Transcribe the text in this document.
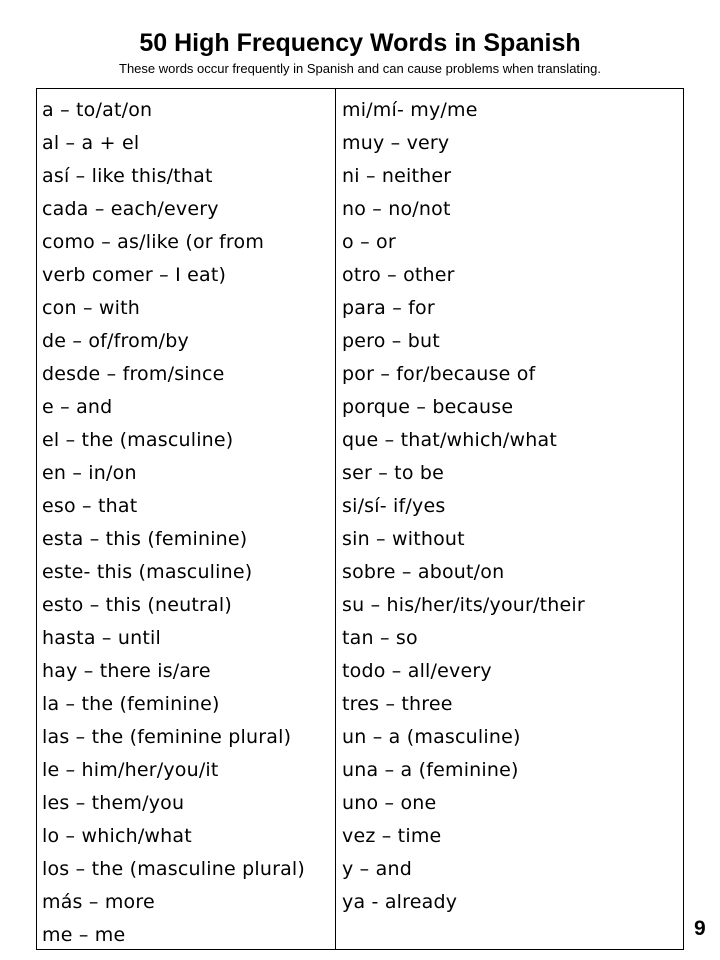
50 High Frequency Words in Spanish
These words occur frequently in Spanish and can cause problems when translating.
a – to/at/on
al – a + el
así – like this/that
cada – each/every
como – as/like (or from
verb comer – I eat)
con – with
de – of/from/by
desde – from/since
e – and
el – the (masculine)
en – in/on
eso – that
esta – this (feminine)
este- this (masculine)
esto – this (neutral)
hasta – until
hay – there is/are
la – the (feminine)
las – the (feminine plural)
le – him/her/you/it
les – them/you
lo – which/what
los – the (masculine plural)
más – more
me – me
mi/mí- my/me
muy – very
ni – neither
no – no/not
o – or
otro – other
para – for
pero – but
por – for/because of
porque – because
que – that/which/what
ser – to be
si/sí- if/yes
sin – without
sobre – about/on
su – his/her/its/your/their
tan – so
todo – all/every
tres – three
un – a (masculine)
una – a (feminine)
uno – one
vez – time
y – and
ya - already
9
